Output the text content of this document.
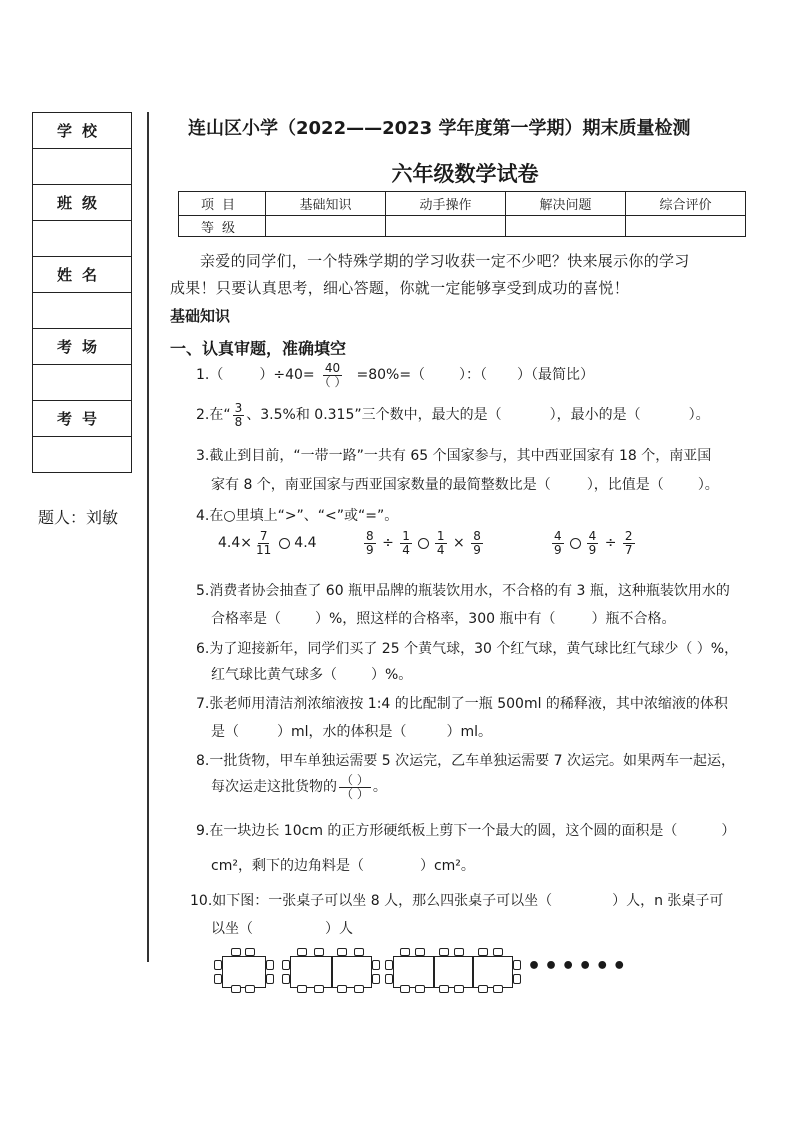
学校

班级

姓名

考场

考号

题人：刘敏
连山区小学（2022——2023 学年度第一学期）期末质量检测
六年级数学试卷
项目	基础知识	动手操作	解决问题	综合评价
等级				
亲爱的同学们，一个特殊学期的学习收获一定不少吧？快来展示你的学习
成果！只要认真思考，细心答题，你就一定能够享受到成功的喜悦！
基础知识
一、认真审题，准确填空
1.（	）$\div 40= \frac{40}{( )} =80\%=$（ ）：（ ）（最简比）
2.在“ $\frac{3}{8}$ 、3.5%和 0.315”三个数中，最大的是（	），最小的是（	）。
3.截止到目前，“一带一路”一共有 65 个国家参与，其中西亚国家有 18 个，南亚国
家有 8 个，南亚国家与西亚国家数量的最简整数比是（	），比值是（ ）。
4.在○里填上“>”、“<”或“=”。
$4.4\times \frac{7}{11} 4.4$	$\frac{8}{9} \div \frac{1}{4} \frac{1}{4} \times \frac{8}{9}$	$\frac{4}{9} \frac{4}{9} \div \frac{2}{7}$
5.消费者协会抽查了 60 瓶甲品牌的瓶装饮用水，不合格的有 3 瓶，这种瓶装饮用水的
合格率是（ ）%，照这样的合格率，300 瓶中有（	）瓶不合格。
6.为了迎接新年，同学们买了 25 个黄气球，30 个红气球，黄气球比红气球少（ ）%，
红气球比黄气球多（ ）%。
7.张老师用清洁剂浓缩液按 1:4 的比配制了一瓶 500ml 的稀释液，其中浓缩液的体积
是（	）ml，水的体积是（	）ml。
8.一批货物，甲车单独运需要 5 次运完，乙车单独运需要 7 次运完。如果两车一起运，
每次运走这批货物的 $\frac{( )}{( )}$ 。
9.在一块边长 10cm 的正方形硬纸板上剪下一个最大的圆，这个圆的面积是（	）
cm²，剩下的边角料是（	）cm²。
10.如下图：一张桌子可以坐 8 人，那么四张桌子可以坐（	）人，n 张桌子可
以坐（	）人
••••••
